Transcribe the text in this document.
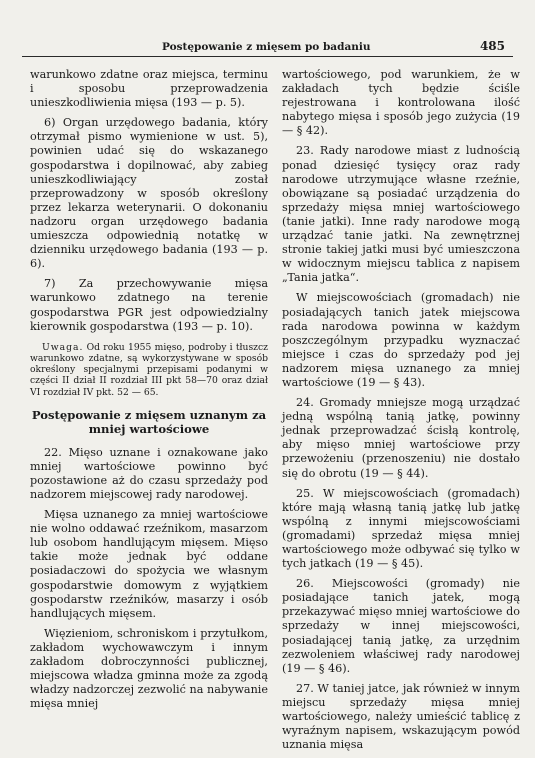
Postępowanie z mięsem po badaniu	485

warunkowo zdatne oraz miejsca, terminu i sposobu przeprowadzenia unieszkodliwienia mięsa (193 — p. 5).

6) Organ urzędowego badania, który otrzymał pismo wymienione w ust. 5), powinien udać się do wskazanego gospodarstwa i dopilnować, aby zabieg unieszkodliwiający został przeprowadzony w sposób określony przez lekarza weterynarii. O dokonaniu nadzoru organ urzędowego badania umieszcza odpowiednią notatkę w dzienniku urzędowego badania (193 — p. 6).

7) Za przechowywanie mięsa warunkowo zdatnego na terenie gospodarstwa PGR jest odpowiedzialny kierownik gospodarstwa (193 — p. 10).

Uwaga. Od roku 1955 mięso, podroby i tłuszcz warunkowo zdatne, są wykorzystywane w sposób określony specjalnymi przepisami podanymi w części II dział II rozdział III pkt 58—70 oraz dział VI rozdział IV pkt. 52 — 65.

Postępowanie z mięsem uznanym za mniej wartościowe

22. Mięso uznane i oznakowane jako mniej wartościowe powinno być pozostawione aż do czasu sprzedaży pod nadzorem miejscowej rady narodowej.

Mięsa uznanego za mniej wartościowe nie wolno oddawać rzeźnikom, masarzom lub osobom handlującym mięsem. Mięso takie może jednak być oddane posiadaczowi do spożycia we własnym gospodarstwie domowym z wyjątkiem gospodarstw rzeźników, masarzy i osób handlujących mięsem.

Więzieniom, schroniskom i przytułkom, zakładom wychowawczym i innym zakładom dobroczynności publicznej, miejscowa władza gminna może za zgodą władzy nadzorczej zezwolić na nabywanie mięsa mniej

wartościowego, pod warunkiem, że w zakładach tych będzie ściśle rejestrowana i kontrolowana ilość nabytego mięsa i sposób jego zużycia (19 — § 42).

23. Rady narodowe miast z ludnością ponad dziesięć tysięcy oraz rady narodowe utrzymujące własne rzeźnie, obowiązane są posiadać urządzenia do sprzedaży mięsa mniej wartościowego (tanie jatki). Inne rady narodowe mogą urządzać tanie jatki. Na zewnętrznej stronie takiej jatki musi być umieszczona w widocznym miejscu tablica z napisem „Tania jatka“.

W miejscowościach (gromadach) nie posiadających tanich jatek miejscowa rada narodowa powinna w każdym poszczególnym przypadku wyznaczać miejsce i czas do sprzedaży pod jej nadzorem mięsa uznanego za mniej wartościowe (19 — § 43).

24. Gromady mniejsze mogą urządzać jedną wspólną tanią jatkę, powinny jednak przeprowadzać ścisłą kontrolę, aby mięso mniej wartościowe przy przewożeniu (przenoszeniu) nie dostało się do obrotu (19 — § 44).

25. W miejscowościach (gromadach) które mają własną tanią jatkę lub jatkę wspólną z innymi miejscowościami (gromadami) sprzedaż mięsa mniej wartościowego może odbywać się tylko w tych jatkach (19 — § 45).

26. Miejscowości (gromady) nie posiadające tanich jatek, mogą przekazywać mięso mniej wartościowe do sprzedaży w innej miejscowości, posiadającej tanią jatkę, za urzędnim zezwoleniem właściwej rady narodowej (19 — § 46).

27. W taniej jatce, jak również w innym miejscu sprzedaży mięsa mniej wartościowego, należy umieścić tablicę z wyraźnym napisem, wskazującym powód uznania mięsa
